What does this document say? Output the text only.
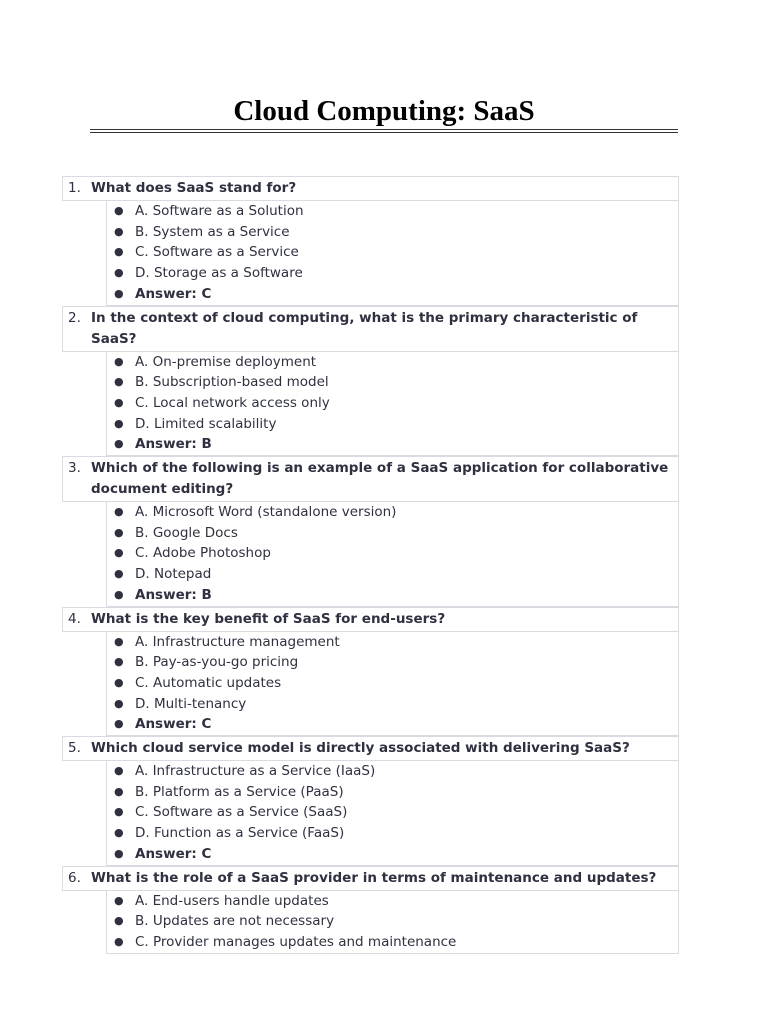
Cloud Computing: SaaS
1. What does SaaS stand for?
● A. Software as a Solution
● B. System as a Service
● C. Software as a Service
● D. Storage as a Software
● Answer: C
2. In the context of cloud computing, what is the primary characteristic of SaaS?
● A. On-premise deployment
● B. Subscription-based model
● C. Local network access only
● D. Limited scalability
● Answer: B
3. Which of the following is an example of a SaaS application for collaborative document editing?
● A. Microsoft Word (standalone version)
● B. Google Docs
● C. Adobe Photoshop
● D. Notepad
● Answer: B
4. What is the key benefit of SaaS for end-users?
● A. Infrastructure management
● B. Pay-as-you-go pricing
● C. Automatic updates
● D. Multi-tenancy
● Answer: C
5. Which cloud service model is directly associated with delivering SaaS?
● A. Infrastructure as a Service (IaaS)
● B. Platform as a Service (PaaS)
● C. Software as a Service (SaaS)
● D. Function as a Service (FaaS)
● Answer: C
6. What is the role of a SaaS provider in terms of maintenance and updates?
● A. End-users handle updates
● B. Updates are not necessary
● C. Provider manages updates and maintenance
